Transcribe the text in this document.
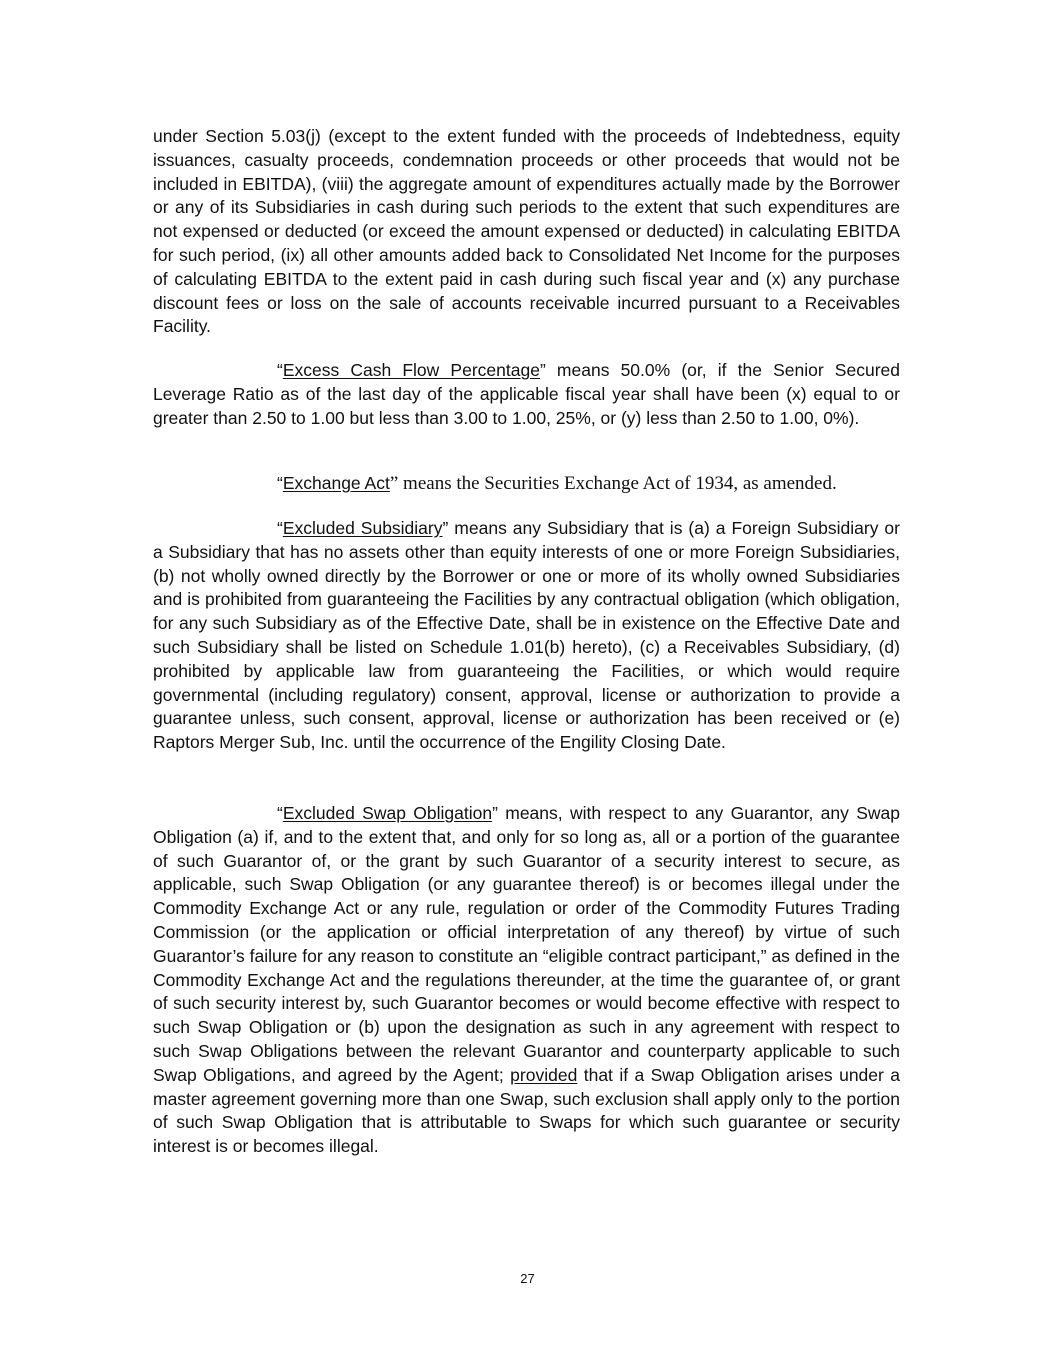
under Section 5.03(j) (except to the extent funded with the proceeds of Indebtedness, equity issuances, casualty proceeds, condemnation proceeds or other proceeds that would not be included in EBITDA), (viii) the aggregate amount of expenditures actually made by the Borrower or any of its Subsidiaries in cash during such periods to the extent that such expenditures are not expensed or deducted (or exceed the amount expensed or deducted) in calculating EBITDA for such period, (ix) all other amounts added back to Consolidated Net Income for the purposes of calculating EBITDA to the extent paid in cash during such fiscal year and (x) any purchase discount fees or loss on the sale of accounts receivable incurred pursuant to a Receivables Facility.

“Excess Cash Flow Percentage” means 50.0% (or, if the Senior Secured Leverage Ratio as of the last day of the applicable fiscal year shall have been (x) equal to or greater than 2.50 to 1.00 but less than 3.00 to 1.00, 25%, or (y) less than 2.50 to 1.00, 0%).

“Exchange Act” means the Securities Exchange Act of 1934, as amended.

“Excluded Subsidiary” means any Subsidiary that is (a) a Foreign Subsidiary or a Subsidiary that has no assets other than equity interests of one or more Foreign Subsidiaries, (b) not wholly owned directly by the Borrower or one or more of its wholly owned Subsidiaries and is prohibited from guaranteeing the Facilities by any contractual obligation (which obligation, for any such Subsidiary as of the Effective Date, shall be in existence on the Effective Date and such Subsidiary shall be listed on Schedule 1.01(b) hereto), (c) a Receivables Subsidiary, (d) prohibited by applicable law from guaranteeing the Facilities, or which would require governmental (including regulatory) consent, approval, license or authorization to provide a guarantee unless, such consent, approval, license or authorization has been received or (e) Raptors Merger Sub, Inc. until the occurrence of the Engility Closing Date.

“Excluded Swap Obligation” means, with respect to any Guarantor, any Swap Obligation (a) if, and to the extent that, and only for so long as, all or a portion of the guarantee of such Guarantor of, or the grant by such Guarantor of a security interest to secure, as applicable, such Swap Obligation (or any guarantee thereof) is or becomes illegal under the Commodity Exchange Act or any rule, regulation or order of the Commodity Futures Trading Commission (or the application or official interpretation of any thereof) by virtue of such Guarantor’s failure for any reason to constitute an “eligible contract participant,” as defined in the Commodity Exchange Act and the regulations thereunder, at the time the guarantee of, or grant of such security interest by, such Guarantor becomes or would become effective with respect to such Swap Obligation or (b) upon the designation as such in any agreement with respect to such Swap Obligations between the relevant Guarantor and counterparty applicable to such Swap Obligations, and agreed by the Agent; provided that if a Swap Obligation arises under a master agreement governing more than one Swap, such exclusion shall apply only to the portion of such Swap Obligation that is attributable to Swaps for which such guarantee or security interest is or becomes illegal.

27
